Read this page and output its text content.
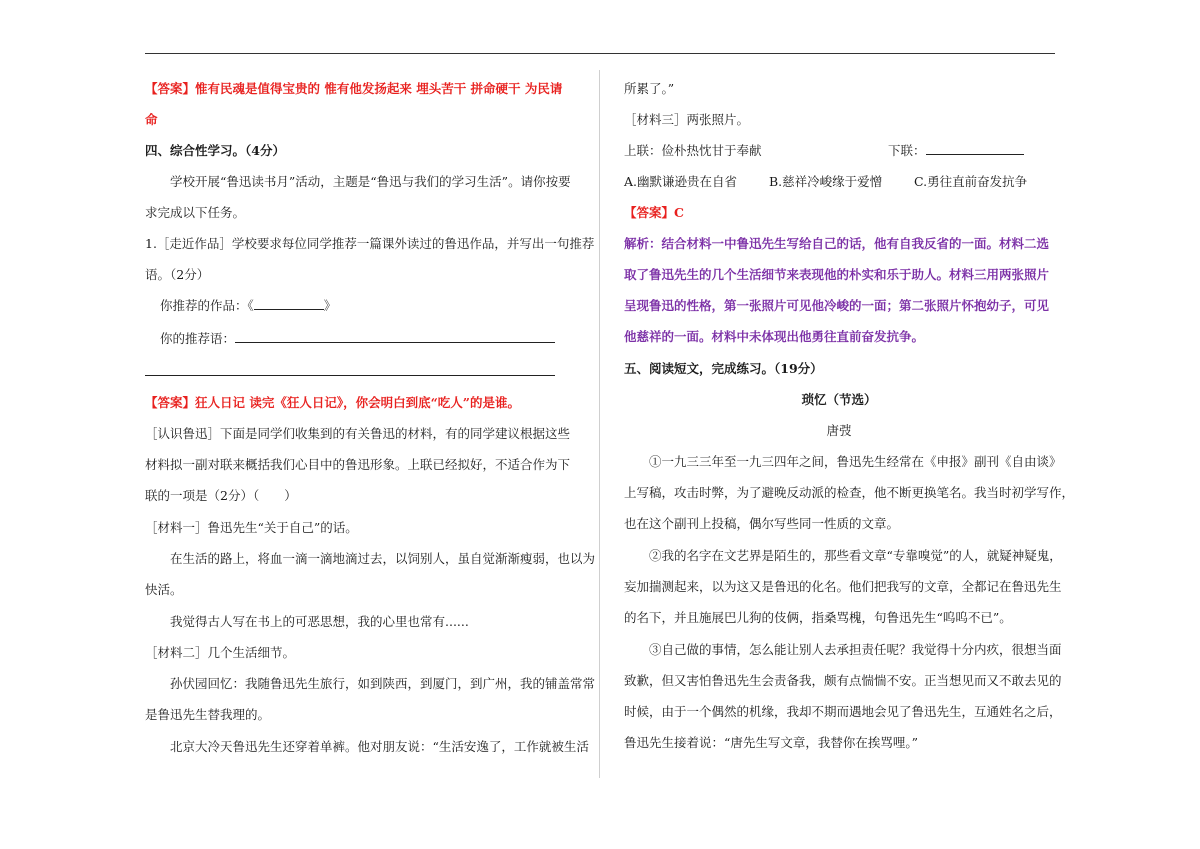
【答案】惟有民魂是值得宝贵的 惟有他发扬起来 埋头苦干 拼命硬干 为民请
命
四、综合性学习。（4分）
学校开展“鲁迅读书月”活动，主题是“鲁迅与我们的学习生活”。请你按要
求完成以下任务。
1.［走近作品］学校要求每位同学推荐一篇课外读过的鲁迅作品，并写出一句推荐
语。（2分）
你推荐的作品：《	》
你的推荐语：
【答案】狂人日记 读完《狂人日记》，你会明白到底“吃人”的是谁。
［认识鲁迅］下面是同学们收集到的有关鲁迅的材料，有的同学建议根据这些
材料拟一副对联来概括我们心目中的鲁迅形象。上联已经拟好，不适合作为下
联的一项是（2分）（　　）
［材料一］鲁迅先生“关于自己”的话。
在生活的路上，将血一滴一滴地滴过去，以饲别人，虽自觉渐渐瘦弱，也以为
快活。
我觉得古人写在书上的可恶思想，我的心里也常有......
［材料二］几个生活细节。
孙伏园回忆：我随鲁迅先生旅行，如到陕西，到厦门，到广州，我的铺盖常常
是鲁迅先生替我理的。
北京大冷天鲁迅先生还穿着单裤。他对朋友说：“生活安逸了，工作就被生活
所累了。”
［材料三］两张照片。
上联：俭朴热忱甘于奉献	下联：
A.幽默谦逊贵在自省	B.慈祥冷峻缘于爱憎	C.勇往直前奋发抗争
【答案】C
解析：结合材料一中鲁迅先生写给自己的话，他有自我反省的一面。材料二选
取了鲁迅先生的几个生活细节来表现他的朴实和乐于助人。材料三用两张照片
呈现鲁迅的性格，第一张照片可见他冷峻的一面；第二张照片怀抱幼子，可见
他慈祥的一面。材料中未体现出他勇往直前奋发抗争。
五、阅读短文，完成练习。（19分）
琐忆（节选）
唐弢
①一九三三年至一九三四年之间，鲁迅先生经常在《申报》副刊《自由谈》
上写稿，攻击时弊，为了避晚反动派的检查，他不断更换笔名。我当时初学写作，
也在这个副刊上投稿，偶尔写些同一性质的文章。
②我的名字在文艺界是陌生的，那些看文章“专靠嗅觉”的人，就疑神疑鬼，
妄加揣测起来，以为这又是鲁迅的化名。他们把我写的文章，全都记在鲁迅先生
的名下，并且施展巴儿狗的伎俩，指桑骂槐，句鲁迅先生“呜呜不已”。
③自己做的事情，怎么能让别人去承担责任呢？我觉得十分内疚，很想当面
致歉，但又害怕鲁迅先生会责备我，颇有点惴惴不安。正当想见而又不敢去见的
时候，由于一个偶然的机缘，我却不期而遇地会见了鲁迅先生，互通姓名之后，
鲁迅先生接着说：“唐先生写文章，我替你在挨骂哩。”
